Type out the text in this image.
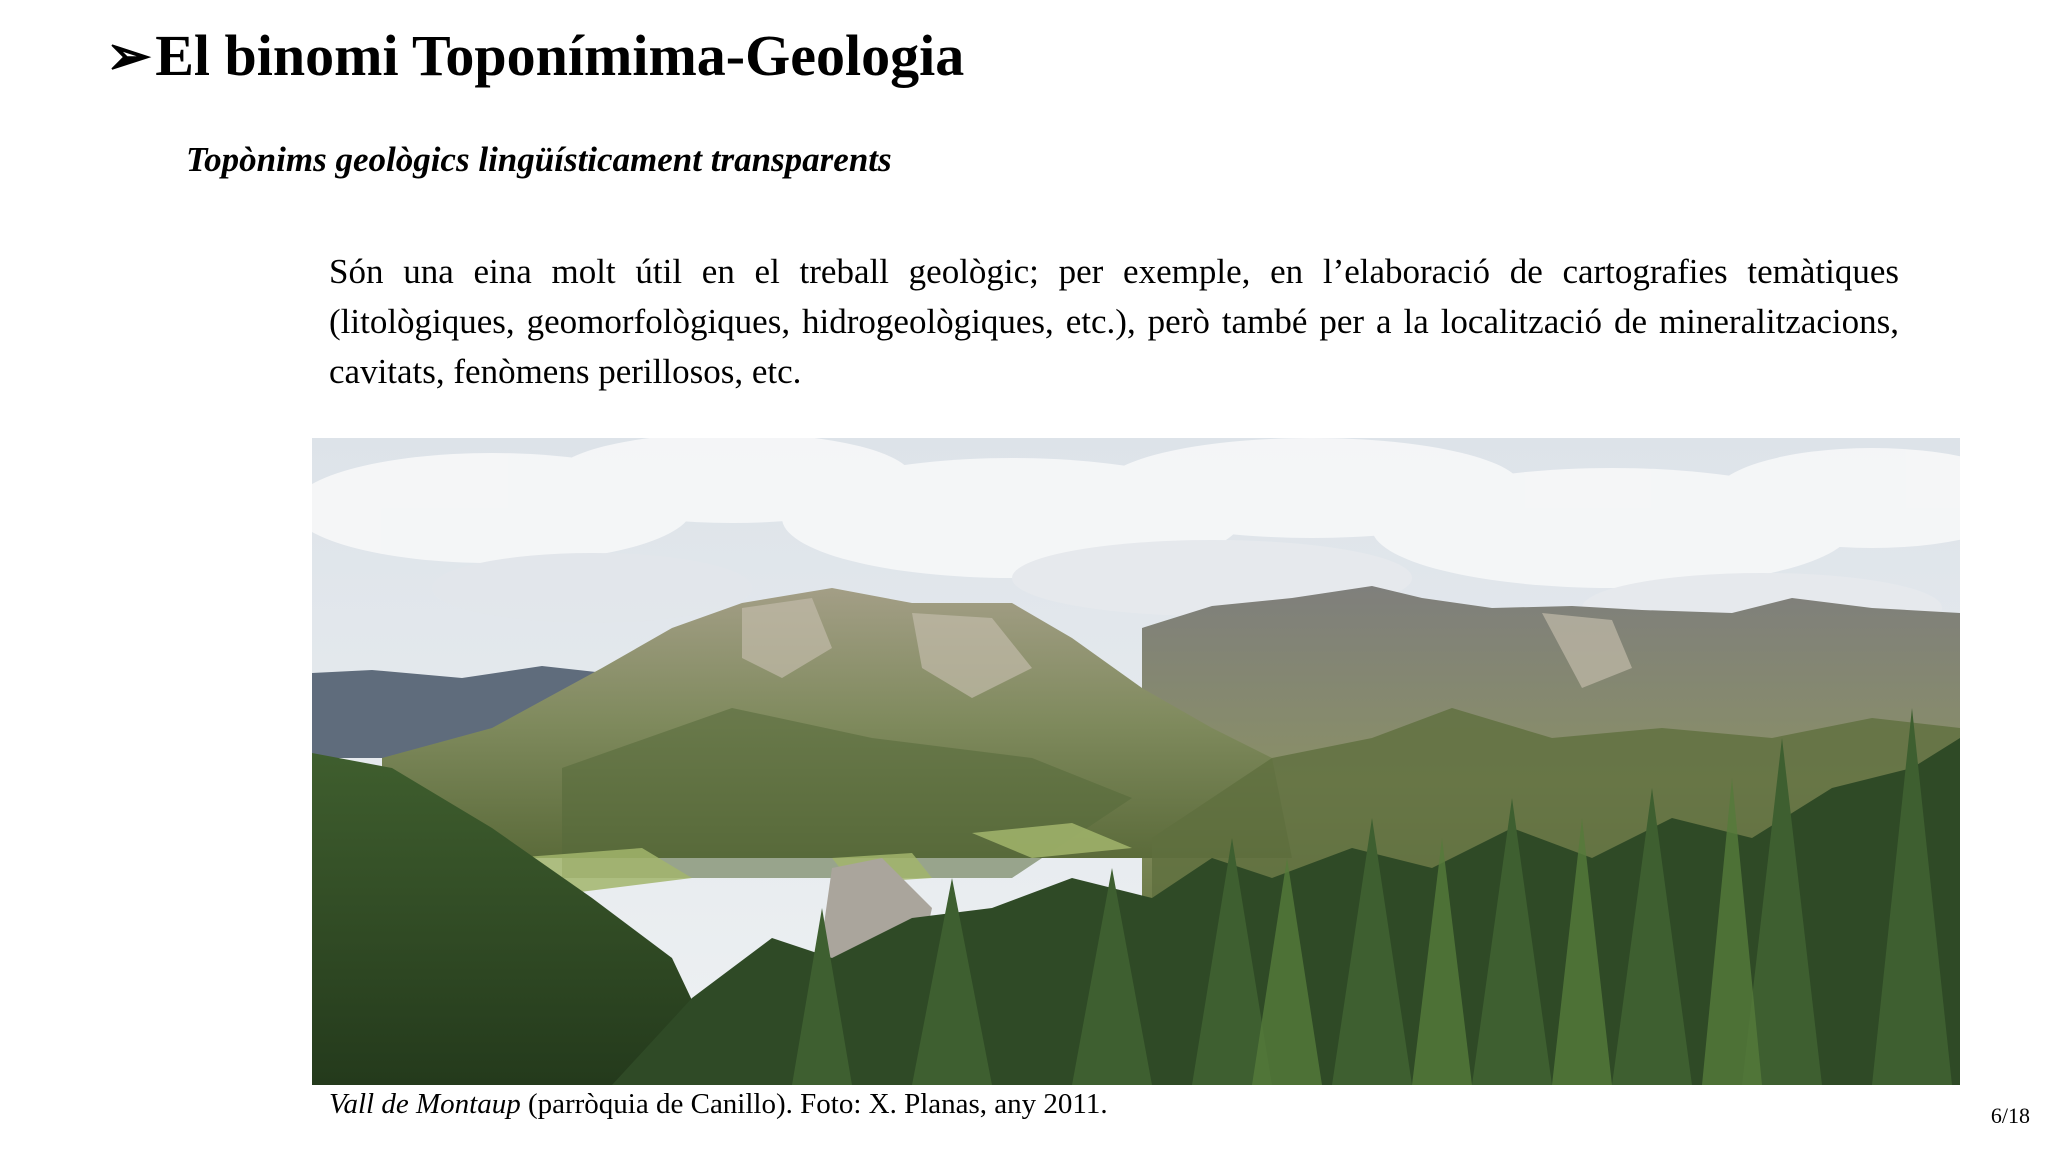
➢ El binomi Toponímima-Geologia
Topònims geològics lingüísticament transparents

Són una eina molt útil en el treball geològic; per exemple, en l’elaboració de cartografies temàtiques (litològiques, geomorfològiques, hidrogeològiques, etc.), però també per a la localització de mineralitzacions, cavitats, fenòmens perillosos, etc.

Vall de Montaup (parròquia de Canillo). Foto: X. Planas, any 2011.	6/18
